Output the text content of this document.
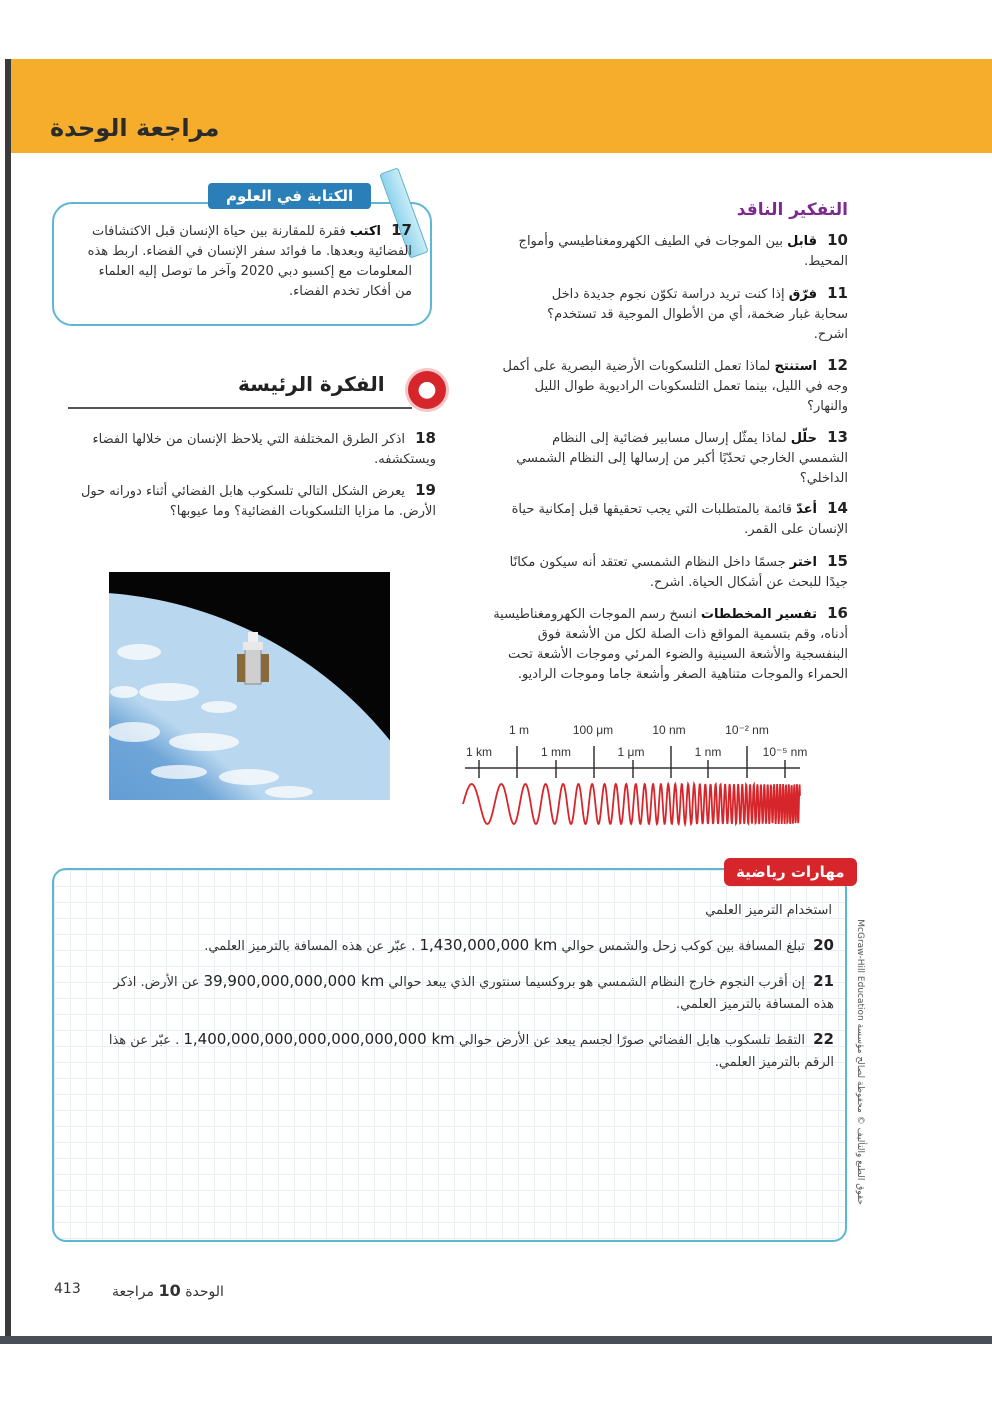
مراجعة الوحدة
التفكير الناقد
10 قابل بين الموجات في الطيف الكهرومغناطيسي وأمواج المحيط.
11 فرّق إذا كنت تريد دراسة تكوّن نجوم جديدة داخل سحابة غبار ضخمة، أي من الأطوال الموجية قد تستخدم؟ اشرح.
12 استنتج لماذا تعمل التلسكوبات الأرضية البصرية على أكمل وجه في الليل، بينما تعمل التلسكوبات الراديوية طوال الليل والنهار؟
13 حلّل لماذا يمثّل إرسال مسابير فضائية إلى النظام الشمسي الخارجي تحدّيًا أكبر من إرسالها إلى النظام الشمسي الداخلي؟
14 أعدّ قائمة بالمتطلبات التي يجب تحقيقها قبل إمكانية حياة الإنسان على القمر.
15 اختر جسمًا داخل النظام الشمسي تعتقد أنه سيكون مكانًا جيدًا للبحث عن أشكال الحياة. اشرح.
16 تفسير المخططات انسخ رسم الموجات الكهرومغناطيسية أدناه، وقم بتسمية المواقع ذات الصلة لكل من الأشعة فوق البنفسجية والأشعة السينية والضوء المرئي وموجات الأشعة تحت الحمراء والموجات متناهية الصغر وأشعة جاما وموجات الراديو.
1 m	100 μm	10 nm	10⁻² nm
1 km	1 mm	1 μm	1 nm	10⁻⁵ nm
الكتابة في العلوم
17 اكتب فقرة للمقارنة بين حياة الإنسان قبل الاكتشافات الفضائية وبعدها. ما فوائد سفر الإنسان في الفضاء. اربط هذه المعلومات مع إكسبو دبي 2020 وآخر ما توصل إليه العلماء من أفكار تخدم الفضاء.
الفكرة الرئيسة	●
18 اذكر الطرق المختلفة التي يلاحظ الإنسان من خلالها الفضاء ويستكشفه.
19 يعرض الشكل التالي تلسكوب هابل الفضائي أثناء دورانه حول الأرض. ما مزايا التلسكوبات الفضائية؟ وما عيوبها؟
مهارات رياضية
استخدام الترميز العلمي
20 تبلغ المسافة بين كوكب زحل والشمس حوالي 1,430,000,000 km . عبّر عن هذه المسافة بالترميز العلمي.
21 إن أقرب النجوم خارج النظام الشمسي هو بروكسيما سنتوري الذي يبعد حوالي 39,900,000,000,000 km عن الأرض. اذكر هذه المسافة بالترميز العلمي.
22 التقط تلسكوب هابل الفضائي صورًا لجسم يبعد عن الأرض حوالي 1,400,000,000,000,000,000,000 km . عبّر عن هذا الرقم بالترميز العلمي.
حقوق الطبع والتأليف © محفوظة لصالح مؤسسة McGraw-Hill Education
413	الوحدة 10 مراجعة
